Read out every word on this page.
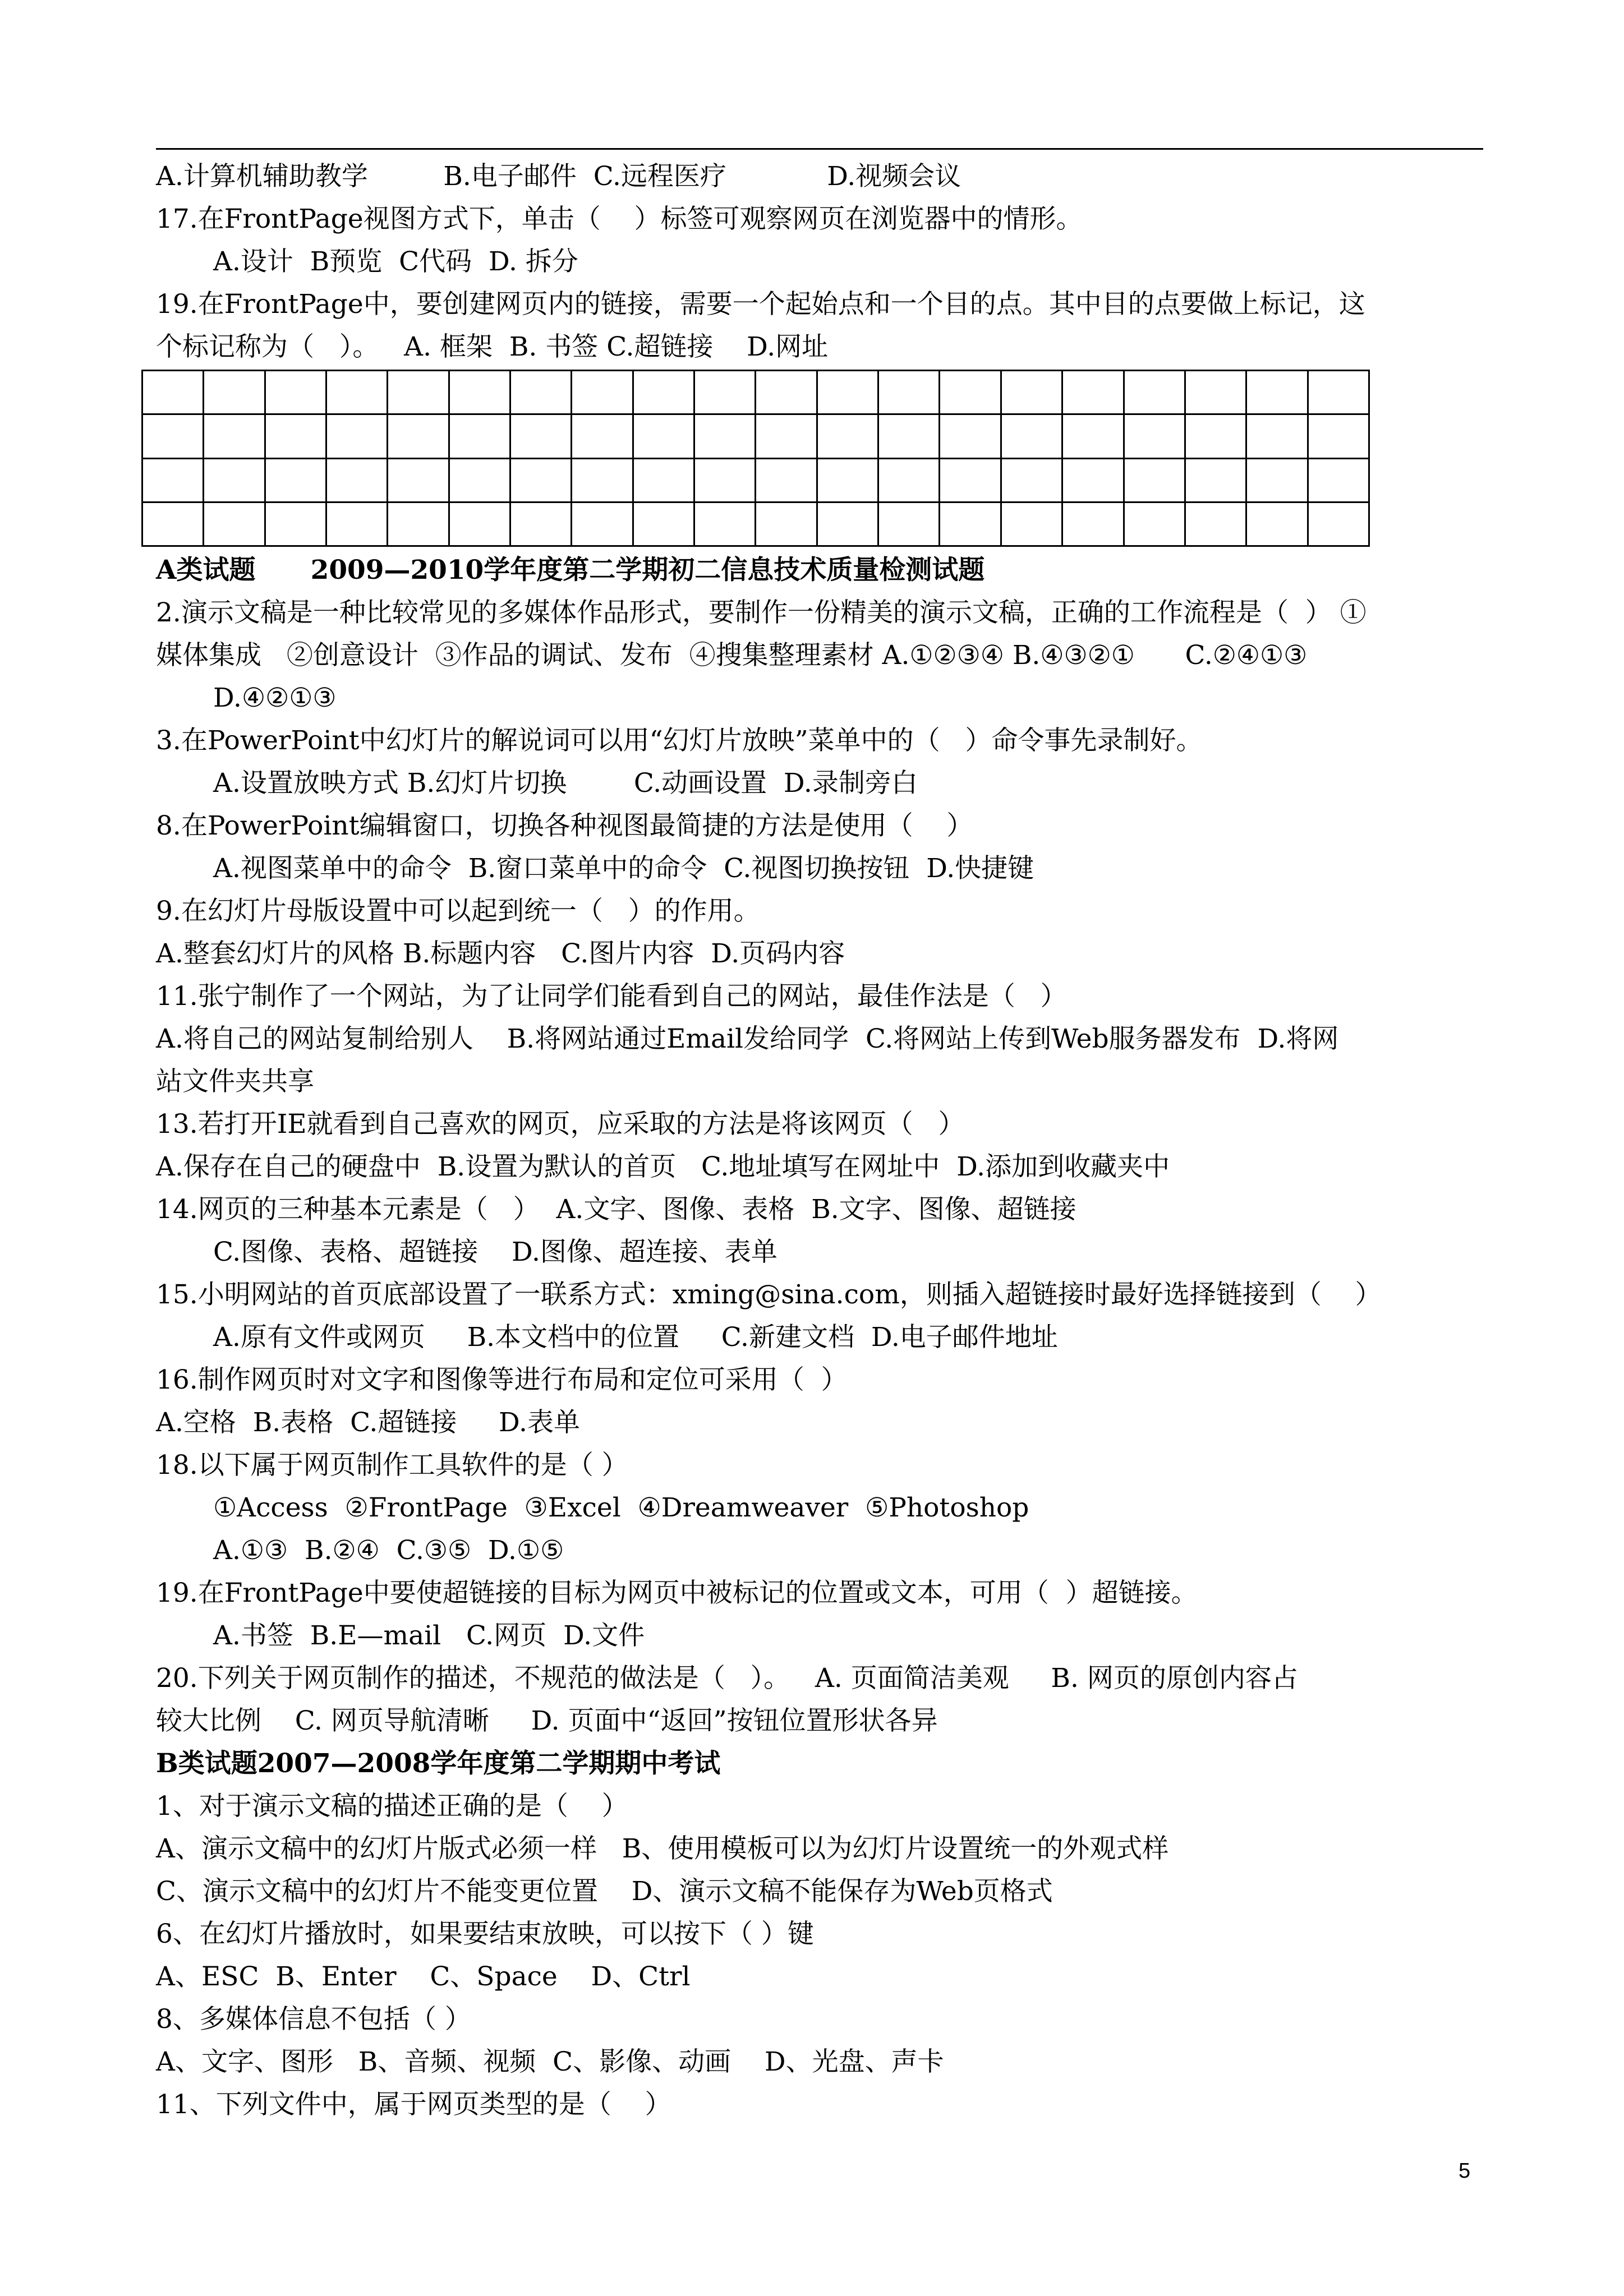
A.计算机辅助教学         B.电子邮件  C.远程医疗            D.视频会议
17.在FrontPage视图方式下，单击（    ）标签可观察网页在浏览器中的情形。
A.设计  B预览  C代码  D. 拆分
19.在FrontPage中，要创建网页内的链接，需要一个起始点和一个目的点。其中目的点要做上标记，这
个标记称为（   ）。   A. 框架  B. 书签 C.超链接    D.网址

A类试题      2009—2010学年度第二学期初二信息技术质量检测试题
2.演示文稿是一种比较常见的多媒体作品形式，要制作一份精美的演示文稿，正确的工作流程是（  ） ①
媒体集成   ②创意设计  ③作品的调试、发布  ④搜集整理素材 A.①②③④ B.④③②①      C.②④①③
D.④②①③
3.在PowerPoint中幻灯片的解说词可以用“幻灯片放映”菜单中的（   ）命令事先录制好。
A.设置放映方式 B.幻灯片切换        C.动画设置  D.录制旁白
8.在PowerPoint编辑窗口，切换各种视图最简捷的方法是使用（    ）
A.视图菜单中的命令  B.窗口菜单中的命令  C.视图切换按钮  D.快捷键
9.在幻灯片母版设置中可以起到统一（   ）的作用。
A.整套幻灯片的风格 B.标题内容   C.图片内容  D.页码内容
11.张宁制作了一个网站，为了让同学们能看到自己的网站，最佳作法是（   ）
A.将自己的网站复制给别人    B.将网站通过Email发给同学  C.将网站上传到Web服务器发布  D.将网
站文件夹共享
13.若打开IE就看到自己喜欢的网页，应采取的方法是将该网页（   ）
A.保存在自己的硬盘中  B.设置为默认的首页   C.地址填写在网址中  D.添加到收藏夹中
14.网页的三种基本元素是（   ）  A.文字、图像、表格  B.文字、图像、超链接
C.图像、表格、超链接    D.图像、超连接、表单
15.小明网站的首页底部设置了一联系方式：xming@sina.com，则插入超链接时最好选择链接到（    ）
A.原有文件或网页     B.本文档中的位置     C.新建文档  D.电子邮件地址
16.制作网页时对文字和图像等进行布局和定位可采用（  ）
A.空格  B.表格  C.超链接     D.表单
18.以下属于网页制作工具软件的是（ ）
①Access  ②FrontPage  ③Excel  ④Dreamweaver  ⑤Photoshop
A.①③  B.②④  C.③⑤  D.①⑤
19.在FrontPage中要使超链接的目标为网页中被标记的位置或文本，可用（  ）超链接。
A.书签  B.E—mail   C.网页  D.文件
20.下列关于网页制作的描述，不规范的做法是（   ）。   A. 页面简洁美观     B. 网页的原创内容占
较大比例    C. 网页导航清晰     D. 页面中“返回”按钮位置形状各异
B类试题2007—2008学年度第二学期期中考试
1、对于演示文稿的描述正确的是（    ）
A、演示文稿中的幻灯片版式必须一样   B、使用模板可以为幻灯片设置统一的外观式样
C、演示文稿中的幻灯片不能变更位置    D、演示文稿不能保存为Web页格式
6、在幻灯片播放时，如果要结束放映，可以按下（ ）键
A、ESC  B、Enter    C、Space    D、Ctrl
8、多媒体信息不包括（ ）
A、文字、图形   B、音频、视频  C、影像、动画    D、光盘、声卡
11、下列文件中，属于网页类型的是（    ）
5
